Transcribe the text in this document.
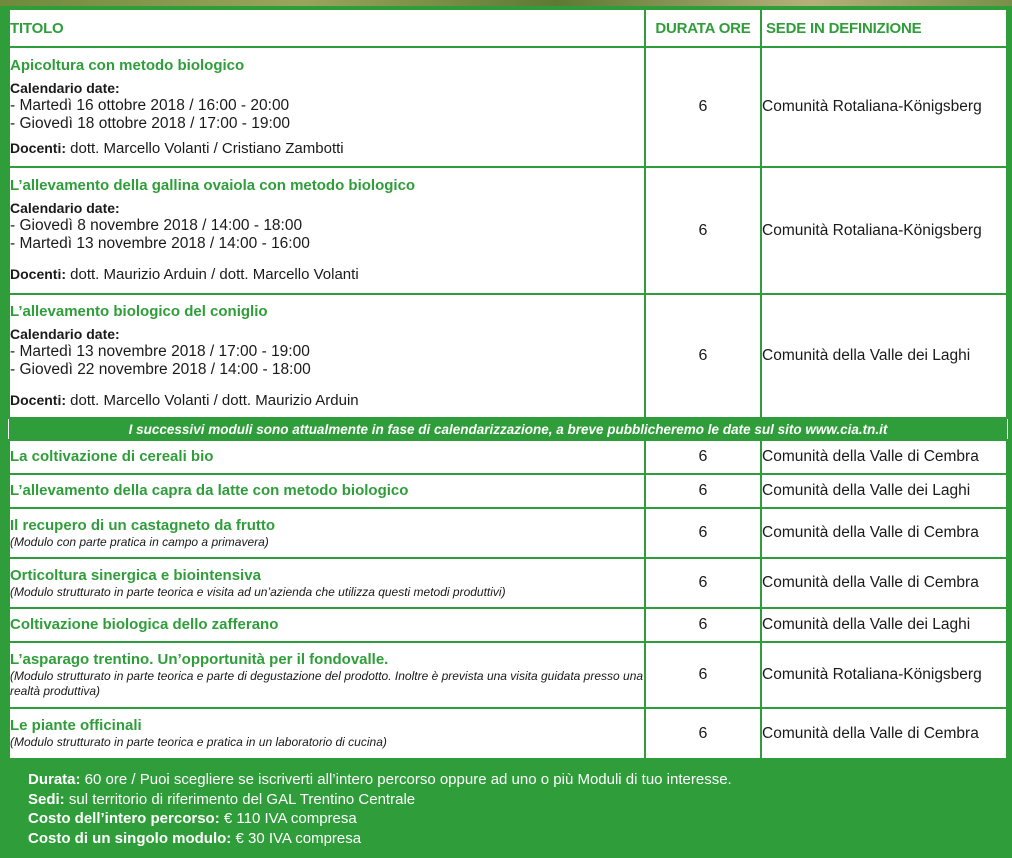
TITOLO	DURATA ORE	SEDE IN DEFINIZIONE

Apicoltura con metodo biologico
Calendario date:
- Martedì 16 ottobre 2018 / 16:00 - 20:00
- Giovedì 18 ottobre 2018 / 17:00 - 19:00
Docenti: dott. Marcello Volanti / Cristiano Zambotti	6	Comunità Rotaliana-Königsberg

L’allevamento della gallina ovaiola con metodo biologico
Calendario date:
- Giovedì 8 novembre 2018 / 14:00 - 18:00
- Martedì 13 novembre 2018 / 14:00 - 16:00
Docenti: dott. Maurizio Arduin / dott. Marcello Volanti	6	Comunità Rotaliana-Königsberg

L’allevamento biologico del coniglio
Calendario date:
- Martedì 13 novembre 2018 / 17:00 - 19:00
- Giovedì 22 novembre 2018 / 14:00 - 18:00
Docenti: dott. Marcello Volanti / dott. Maurizio Arduin	6	Comunità della Valle dei Laghi
I successivi moduli sono attualmente in fase di calendarizzazione, a breve pubblicheremo le date sul sito www.cia.tn.it		

La coltivazione di cereali bio	6	Comunità della Valle di Cembra

L’allevamento della capra da latte con metodo biologico	6	Comunità della Valle dei Laghi

Il recupero di un castagneto da frutto
(Modulo con parte pratica in campo a primavera)	6	Comunità della Valle di Cembra

Orticoltura sinergica e biointensiva
(Modulo strutturato in parte teorica e visita ad un’azienda che utilizza questi metodi produttivi)	6	Comunità della Valle di Cembra

Coltivazione biologica dello zafferano	6	Comunità della Valle dei Laghi

L’asparago trentino. Un’opportunità per il fondovalle.
(Modulo strutturato in parte teorica e parte di degustazione del prodotto. Inoltre è prevista una visita guidata presso una realtà produttiva)	6	Comunità Rotaliana-Königsberg

Le piante officinali
(Modulo strutturato in parte teorica e pratica in un laboratorio di cucina)	6	Comunità della Valle di Cembra
Durata: 60 ore / Puoi scegliere se iscriverti all’intero percorso oppure ad uno o più Moduli di tuo interesse.
Sedi: sul territorio di riferimento del GAL Trentino Centrale
Costo dell’intero percorso: € 110 IVA compresa
Costo di un singolo modulo: € 30 IVA compresa
